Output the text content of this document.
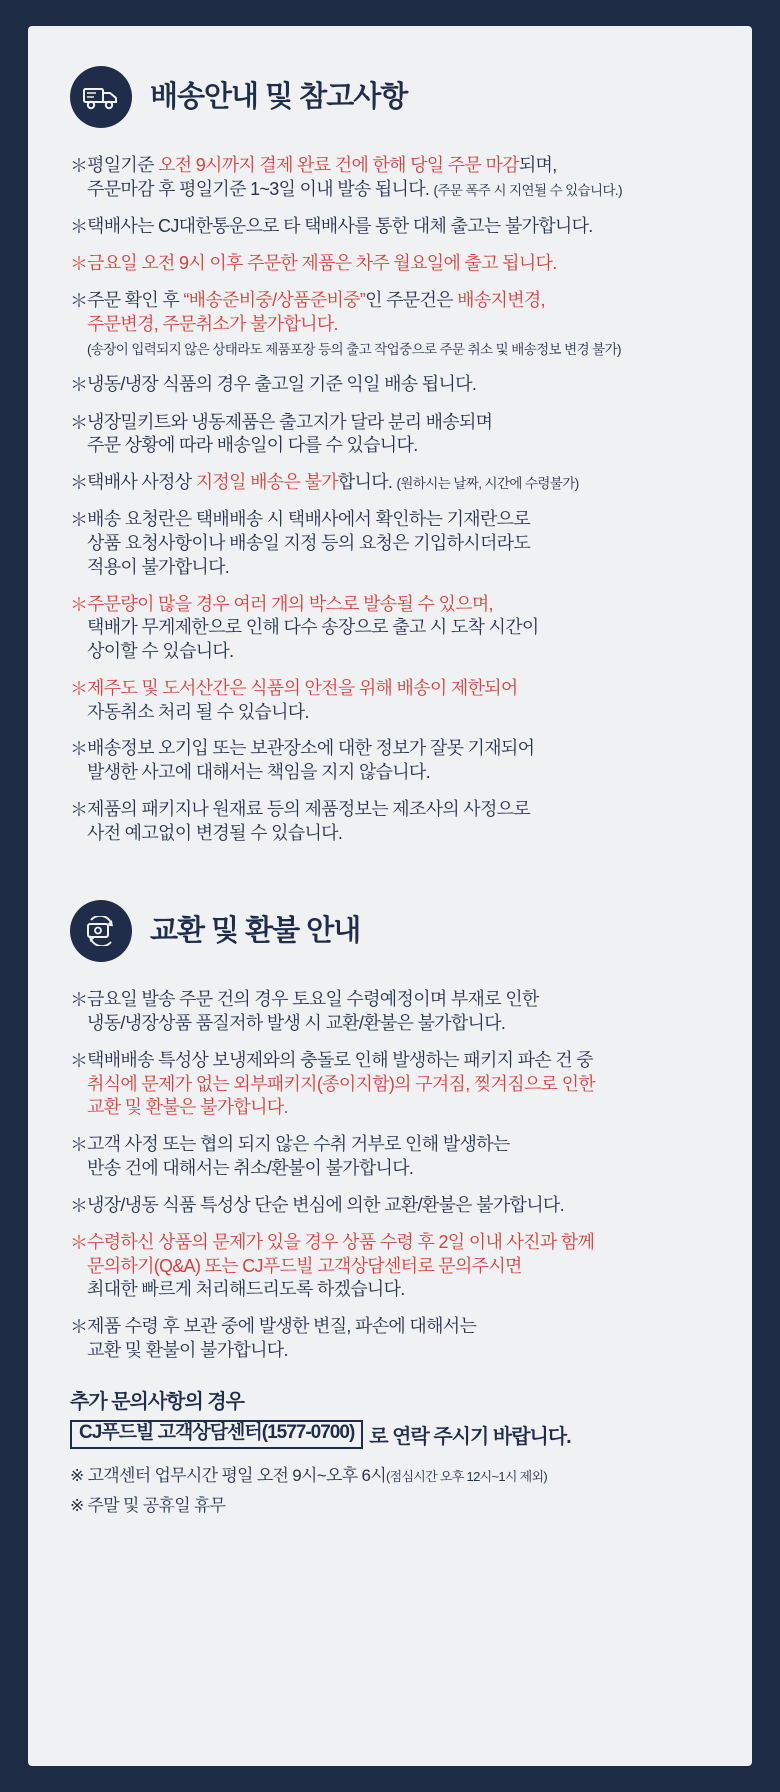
배송안내 및 참고사항
＊ 평일기준 오전 9시까지 결제 완료 건에 한해 당일 주문 마감되며,
주문마감 후 평일기준 1~3일 이내 발송 됩니다. (주문 폭주 시 지연될 수 있습니다.)
＊ 택배사는 CJ대한통운으로 타 택배사를 통한 대체 출고는 불가합니다.
＊ 금요일 오전 9시 이후 주문한 제품은 차주 월요일에 출고 됩니다.
＊ 주문 확인 후 “배송준비중/상품준비중”인 주문건은 배송지변경,
주문변경, 주문취소가 불가합니다.
(송장이 입력되지 않은 상태라도 제품포장 등의 출고 작업중으로 주문 취소 및 배송정보 변경 불가)
＊ 냉동/냉장 식품의 경우 출고일 기준 익일 배송 됩니다.
＊ 냉장밀키트와 냉동제품은 출고지가 달라 분리 배송되며
주문 상황에 따라 배송일이 다를 수 있습니다.
＊ 택배사 사정상 지정일 배송은 불가합니다. (원하시는 날짜, 시간에 수령불가)
＊ 배송 요청란은 택배배송 시 택배사에서 확인하는 기재란으로
상품 요청사항이나 배송일 지정 등의 요청은 기입하시더라도
적용이 불가합니다.
＊ 주문량이 많을 경우 여러 개의 박스로 발송될 수 있으며,
택배가 무게제한으로 인해 다수 송장으로 출고 시 도착 시간이
상이할 수 있습니다.
＊ 제주도 및 도서산간은 식품의 안전을 위해 배송이 제한되어
자동취소 처리 될 수 있습니다.
＊ 배송정보 오기입 또는 보관장소에 대한 정보가 잘못 기재되어
발생한 사고에 대해서는 책임을 지지 않습니다.
＊ 제품의 패키지나 원재료 등의 제품정보는 제조사의 사정으로
사전 예고없이 변경될 수 있습니다.
교환 및 환불 안내
＊ 금요일 발송 주문 건의 경우 토요일 수령예정이며 부재로 인한
냉동/냉장상품 품질저하 발생 시 교환/환불은 불가합니다.
＊ 택배배송 특성상 보냉제와의 충돌로 인해 발생하는 패키지 파손 건 중
취식에 문제가 없는 외부패키지(종이지함)의 구겨짐, 찢겨짐으로 인한
교환 및 환불은 불가합니다.
＊ 고객 사정 또는 협의 되지 않은 수취 거부로 인해 발생하는
반송 건에 대해서는 취소/환불이 불가합니다.
＊ 냉장/냉동 식품 특성상 단순 변심에 의한 교환/환불은 불가합니다.
＊ 수령하신 상품의 문제가 있을 경우 상품 수령 후 2일 이내 사진과 함께
문의하기(Q&A) 또는 CJ푸드빌 고객상담센터로 문의주시면
최대한 빠르게 처리해드리도록 하겠습니다.
＊ 제품 수령 후 보관 중에 발생한 변질, 파손에 대해서는
교환 및 환불이 불가합니다.
추가 문의사항의 경우
CJ푸드빌 고객상담센터(1577-0700) 로 연락 주시기 바랍니다.
※ 고객센터 업무시간 평일 오전 9시~오후 6시(점심시간 오후 12시~1시 제외)
※ 주말 및 공휴일 휴무
